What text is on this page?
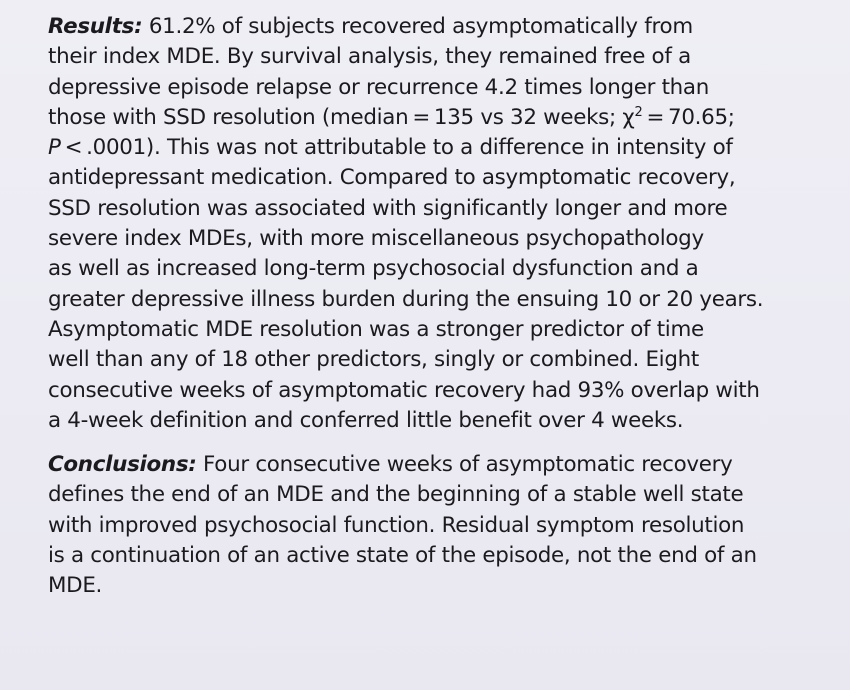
Results: 61.2% of subjects recovered asymptomatically from
their index MDE. By survival analysis, they remained free of a
depressive episode relapse or recurrence 4.2 times longer than
those with SSD resolution (median = 135 vs 32 weeks; $\chi^2 = 70.65$;
P < .0001). This was not attributable to a difference in intensity of
antidepressant medication. Compared to asymptomatic recovery,
SSD resolution was associated with significantly longer and more
severe index MDEs, with more miscellaneous psychopathology
as well as increased long-term psychosocial dysfunction and a
greater depressive illness burden during the ensuing 10 or 20 years.
Asymptomatic MDE resolution was a stronger predictor of time
well than any of 18 other predictors, singly or combined. Eight
consecutive weeks of asymptomatic recovery had 93% overlap with
a 4-week definition and conferred little benefit over 4 weeks.

Conclusions: Four consecutive weeks of asymptomatic recovery
defines the end of an MDE and the beginning of a stable well state
with improved psychosocial function. Residual symptom resolution
is a continuation of an active state of the episode, not the end of an
MDE.
